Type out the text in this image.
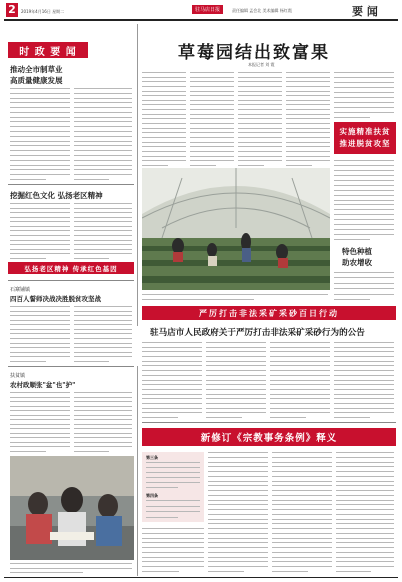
2	2019年4月16日 星期二	驻马店日报	责任编辑 孟会北 美术编辑 杨红霞	要 闻
时 政 要 闻
推动全市制草业
高质量健康发展
挖掘红色文化 弘扬老区精神
弘扬老区精神 传承红色基因
石寨铺镇
四百人誓师决战决胜脱贫攻坚战
扶贫镇
农村政顺张"盆"也"护"
草莓园结出致富果
本报记者 刘 霞
实施精准扶贫
推进脱贫攻坚
特色种植
助农增收
严厉打击非法采矿采砂百日行动
驻马店市人民政府关于严厉打击非法采矿采砂行为的公告
新修订《宗教事务条例》释义
第三条
第四条
